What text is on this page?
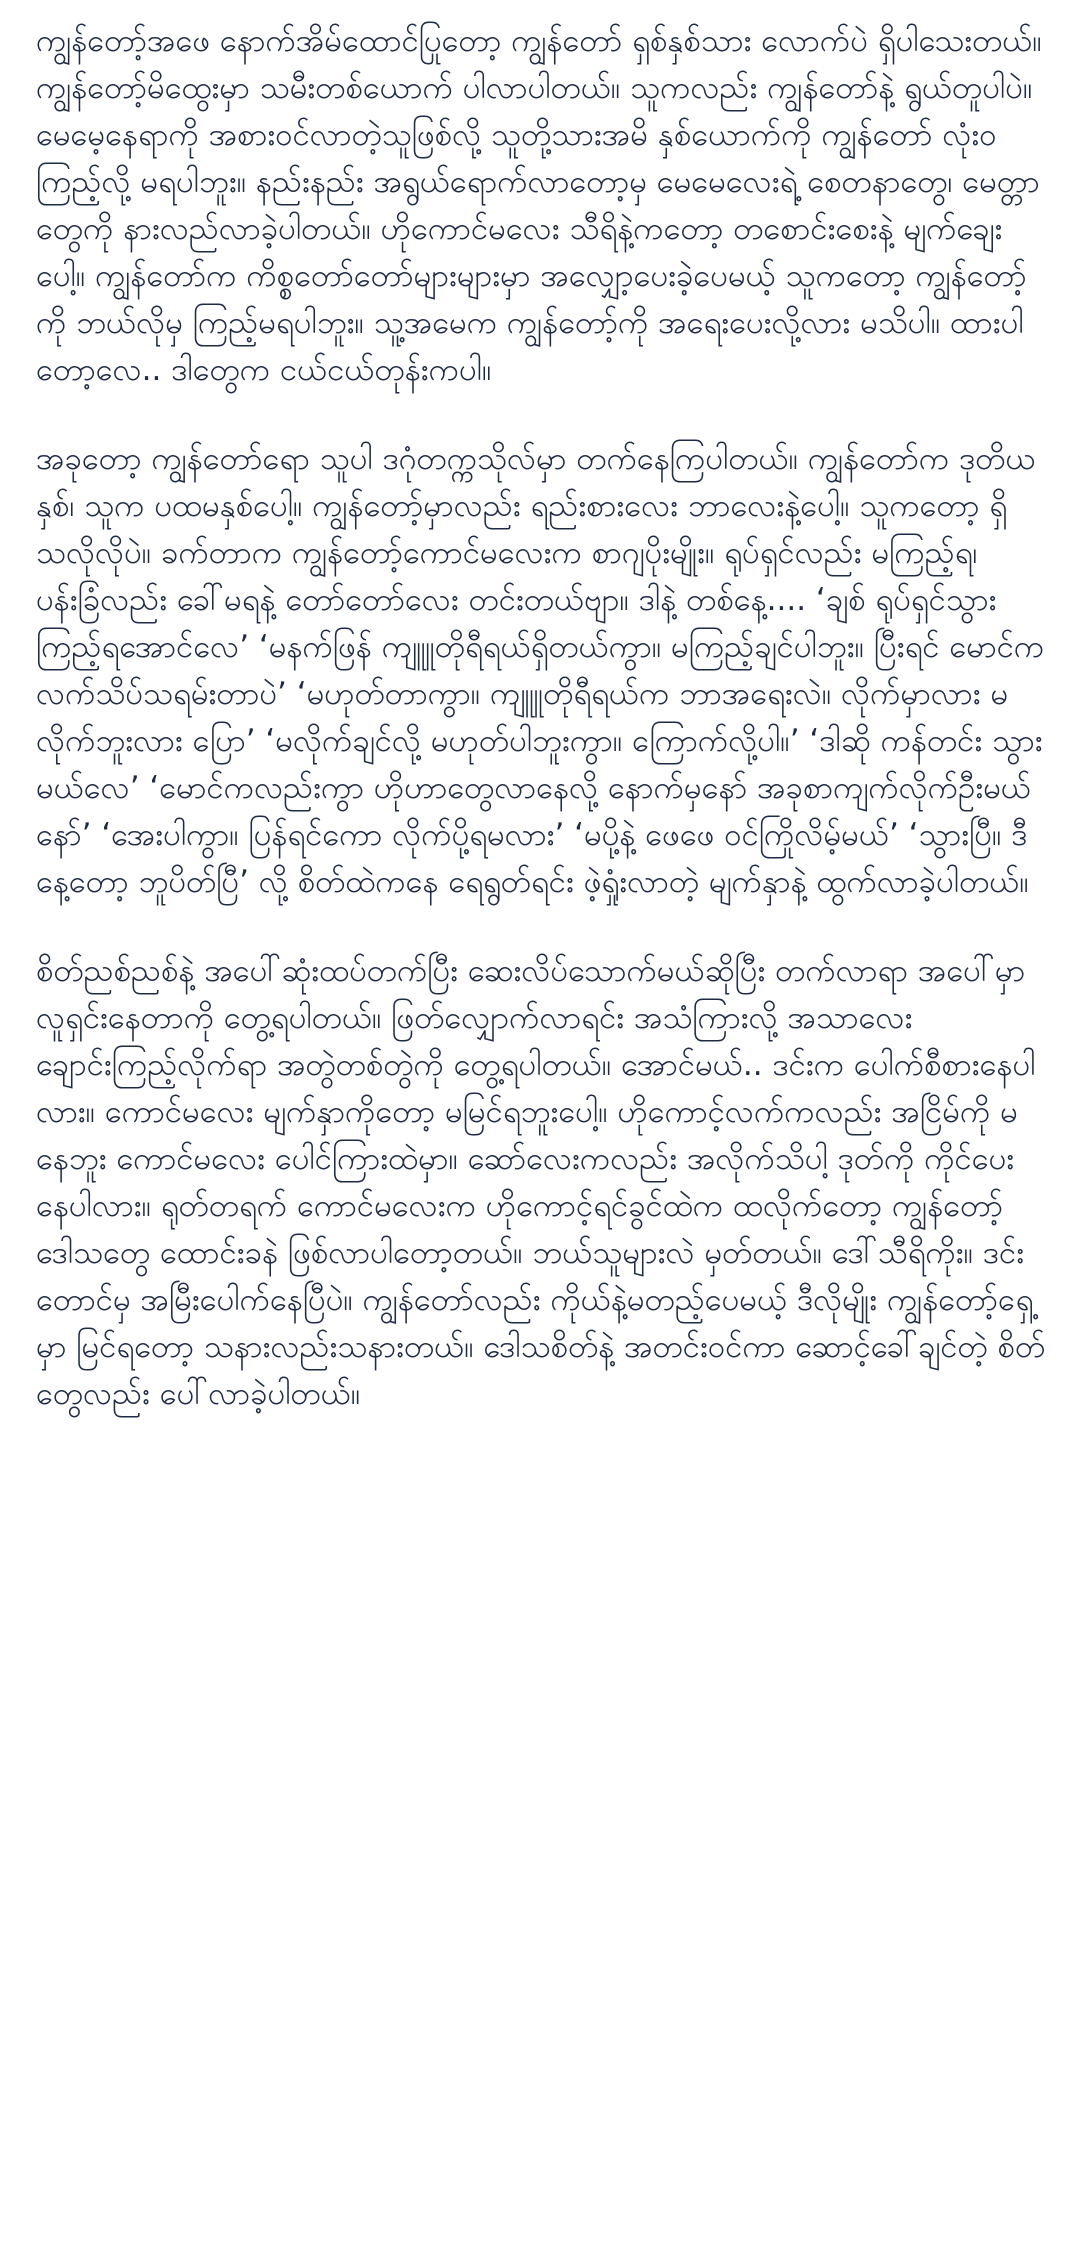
ကျွန်တော့်အဖေ နောက်အိမ်ထောင်ပြုတော့ ကျွန်တော် ရှစ်နှစ်သား လောက်ပဲ ရှိပါသေးတယ်။ ကျွန်တော့်မိထွေးမှာ သမီးတစ်ယောက် ပါလာပါတယ်။ သူကလည်း ကျွန်တော်နဲ့ ရွယ်တူပါပဲ။ မေမေ့နေရာကို အစားဝင်လာတဲ့သူဖြစ်လို့ သူတို့သားအမိ နှစ်ယောက်ကို ကျွန်တော် လုံးဝကြည့်လို့ မရပါဘူး။ နည်းနည်း အရွယ်ရောက်လာတော့မှ မေမေလေးရဲ့ စေတနာတွေ၊ မေတ္တာတွေကို နားလည်လာခဲ့ပါတယ်။ ဟိုကောင်မလေး သီရိနဲ့ကတော့ တစောင်းစေးနဲ့ မျက်ချေးပေါ့။ ကျွန်တော်က ကိစ္စတော်တော်များများမှာ အလျှော့ပေးခဲ့ပေမယ့် သူကတော့ ကျွန်တော့်ကို ဘယ်လိုမှ ကြည့်မရပါဘူး။ သူ့အမေက ကျွန်တော့်ကို အရေးပေးလို့လား မသိပါ။ ထားပါတော့လေ.. ဒါတွေက ငယ်ငယ်တုန်းကပါ။

အခုတော့ ကျွန်တော်ရော သူပါ ဒဂုံတက္ကသိုလ်မှာ တက်နေကြပါတယ်။ ကျွန်တော်က ဒုတိယနှစ်၊ သူက ပထမနှစ်ပေါ့။ ကျွန်တော့်မှာလည်း ရည်းစားလေး ဘာလေးနဲ့ပေါ့။ သူကတော့ ရှိသလိုလိုပဲ။ ခက်တာက ကျွန်တော့်ကောင်မလေးက စာဂျပိုးမျိုး။ ရုပ်ရှင်လည်း မကြည့်ရ၊ ပန်းခြံလည်း ခေါ်မရနဲ့ တော်တော်လေး တင်းတယ်ဗျာ။ ဒါနဲ့ တစ်နေ့.... ‘ချစ် ရုပ်ရှင်သွားကြည့်ရအောင်လေ’ ‘မနက်ဖြန် ကျူူတိုရီရယ်ရှိတယ်ကွာ။ မကြည့်ချင်ပါဘူး။ ပြီးရင် မောင်က လက်သိပ်သရမ်းတာပဲ’ ‘မဟုတ်တာကွာ။ ကျူူတိုရီရယ်က ဘာအရေးလဲ။ လိုက်မှာလား မလိုက်ဘူးလား ပြော’ ‘မလိုက်ချင်လို့ မဟုတ်ပါဘူးကွာ။ ကြောက်လို့ပါ။’ ‘ဒါဆို ကန်တင်း သွားမယ်လေ’ ‘မောင်ကလည်းကွာ ဟိုဟာတွေလာနေလို့ နောက်မှနော် အခုစာကျက်လိုက်ဦးမယ်နော်’ ‘အေးပါကွာ။ ပြန်ရင်ကော လိုက်ပို့ရမလား’ ‘မပို့နဲ့ ဖေဖေ ဝင်ကြိုလိမ့်မယ်’ ‘သွားပြီ။ ဒီနေ့တော့ ဘူပိတ်ပြီ’ လို့ စိတ်ထဲကနေ ရေရွတ်ရင်း ဖဲ့ရှုံးလာတဲ့ မျက်နှာနဲ့ ထွက်လာခဲ့ပါတယ်။

စိတ်ညစ်ညစ်နဲ့ အပေါ်ဆုံးထပ်တက်ပြီး ဆေးလိပ်သောက်မယ်ဆိုပြီး တက်လာရာ အပေါ်မှာ လူရှင်းနေတာကို တွေ့ရပါတယ်။ ဖြတ်လျှောက်လာရင်း အသံကြားလို့ အသာလေး ချောင်းကြည့်လိုက်ရာ အတွဲတစ်တွဲကို တွေ့ရပါတယ်။ အောင်မယ်.. ဒင်းက ပေါက်စီစားနေပါလား။ ကောင်မလေး မျက်နှာကိုတော့ မမြင်ရဘူးပေါ့။ ဟိုကောင့်လက်ကလည်း အငြိမ်ကို မနေဘူး ကောင်မလေး ပေါင်ကြားထဲမှာ။ ဆော်လေးကလည်း အလိုက်သိပါ့ ဒုတ်ကို ကိုင်ပေးနေပါလား။ ရုတ်တရက် ကောင်မလေးက ဟိုကောင့်ရင်ခွင်ထဲက ထလိုက်တော့ ကျွန်တော့်ဒေါသတွေ ထောင်းခနဲ ဖြစ်လာပါတော့တယ်။ ဘယ်သူများလဲ မှတ်တယ်။ ဒေါ်သီရိကိုး။ ဒင်းတောင်မှ အမြီးပေါက်နေပြီပဲ။ ကျွန်တော်လည်း ကိုယ်နဲ့မတည့်ပေမယ့် ဒီလိုမျိုး ကျွန်တော့်ရှေ့မှာ မြင်ရတော့ သနားလည်းသနားတယ်။ ဒေါသစိတ်နဲ့ အတင်းဝင်ကာ ဆောင့်ခေါ်ချင်တဲ့ စိတ်တွေလည်း ပေါ်လာခဲ့ပါတယ်။
